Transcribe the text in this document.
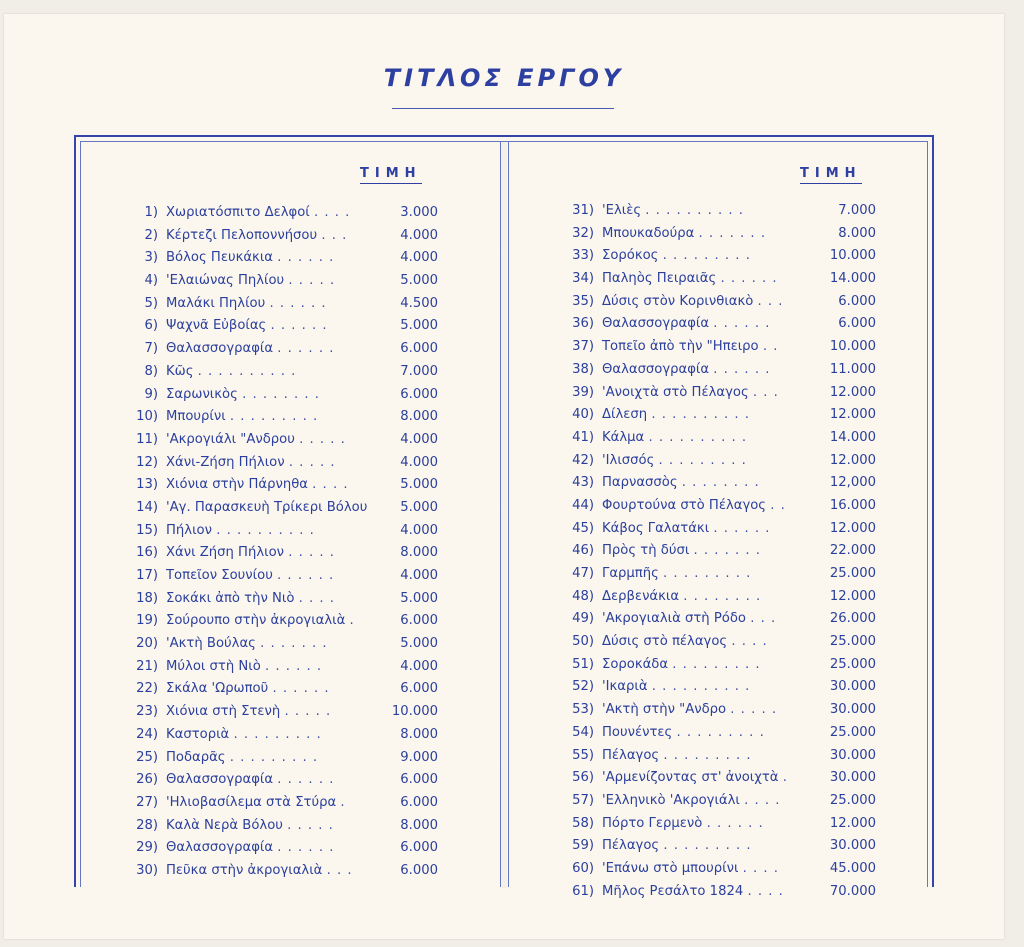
ΤΙΤΛΟΣ ΕΡΓΟΥ
ΤΙΜΗ	ΤΙΜΗ
1) Χωριατόσπιτο Δελφοί . . . .	3.000
2) Κέρτεζι Πελοποννήσου . . .	4.000
3) Βόλος Πευκάκια . . . . . .	4.000
4) 'Ελαιώνας Πηλίου . . . . .	5.000
5) Μαλάκι Πηλίου . . . . . .	4.500
6) Ψαχνᾶ Εὐβοίας . . . . . .	5.000
7) Θαλασσογραφία . . . . . .	6.000
8) Κῶς . . . . . . . . . .	7.000
9) Σαρωνικὸς . . . . . . . .	6.000
10) Μπουρίνι . . . . . . . . .	8.000
11) 'Ακρογιάλι "Ανδρου . . . . .	4.000
12) Χάνι-Ζήση Πήλιον . . . . .	4.000
13) Χιόνια στὴν Πάρνηθα . . . .	5.000
14) 'Αγ. Παρασκευὴ Τρίκερι Βόλου 5.000
15) Πήλιον . . . . . . . . . .	4.000
16) Χάνι Ζήση Πήλιον . . . . .	8.000
17) Τοπεῖον Σουνίου . . . . . .	4.000
18) Σοκάκι ἀπὸ τὴν Νιὸ . . . .	5.000
19) Σούρουπο στὴν ἀκρογιαλιὰ .	6.000
20) 'Ακτὴ Βούλας . . . . . . .	5.000
21) Μύλοι στὴ Νιὸ . . . . . .	4.000
22) Σκάλα 'Ωρωποῦ . . . . . .	6.000
23) Χιόνια στὴ Στενὴ . . . . .	10.000
24) Καστοριὰ . . . . . . . . .	8.000
25) Ποδαρᾶς . . . . . . . . .	9.000
26) Θαλασσογραφία . . . . . .	6.000
27) 'Ηλιοβασίλεμα στὰ Στύρα .	6.000
28) Καλὰ Νερὰ Βόλου . . . . .	8.000
29) Θαλασσογραφία . . . . . .	6.000
30) Πεῦκα στὴν ἀκρογιαλιὰ . . .	6.000
31) 'Ελιὲς . . . . . . . . . .	7.000
32) Μπουκαδούρα . . . . . . .	8.000
33) Σορόκος . . . . . . . . .	10.000
34) Παληὸς Πειραιᾶς . . . . . .	14.000
35) Δύσις στὸν Κορινθιακὸ . . .	6.000
36) Θαλασσογραφία . . . . . .	6.000
37) Τοπεῖο ἀπὸ τὴν "Ηπειρο . .	10.000
38) Θαλασσογραφία . . . . . .	11.000
39) 'Ανοιχτὰ στὸ Πέλαγος . . .	12.000
40) Δίλεση . . . . . . . . . .	12.000
41) Κάλμα . . . . . . . . . .	14.000
42) 'Ιλισσός . . . . . . . . .	12.000
43) Παρνασσὸς . . . . . . . .	12,000
44) Φουρτούνα στὸ Πέλαγος . .	16.000
45) Κάβος Γαλατάκι . . . . . .	12.000
46) Πρὸς τὴ δύσι . . . . . . .	22.000
47) Γαρμπῆς . . . . . . . . .	25.000
48) Δερβενάκια . . . . . . . .	12.000
49) 'Ακρογιαλιὰ στὴ Ρόδο . . .	26.000
50) Δύσις στὸ πέλαγος . . . .	25.000
51) Σοροκάδα . . . . . . . . .	25.000
52) 'Ικαριὰ . . . . . . . . . .	30.000
53) 'Ακτὴ στὴν "Ανδρο . . . . .	30.000
54) Πουνέντες . . . . . . . . .	25.000
55) Πέλαγος . . . . . . . . .	30.000
56) 'Αρμενίζοντας στ' ἀνοιχτὰ .	30.000
57) 'Ελληνικὸ 'Ακρογιάλι . . . .	25.000
58) Πόρτο Γερμενὸ . . . . . .	12.000
59) Πέλαγος . . . . . . . . .	30.000
60) 'Επάνω στὸ μπουρίνι . . . .	45.000
61) Μῆλος Ρεσάλτο 1824 . . . .	70.000
